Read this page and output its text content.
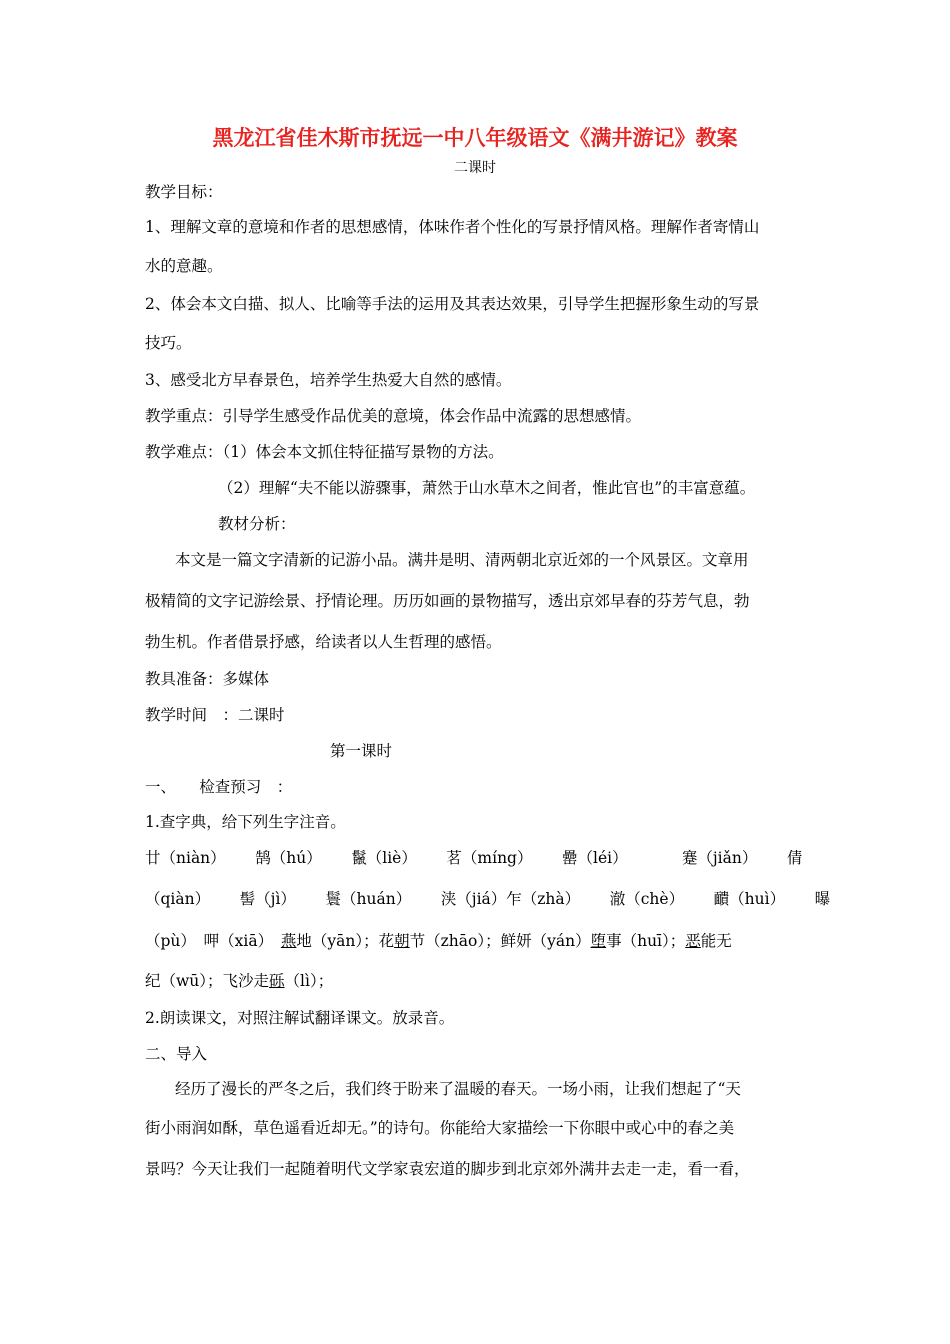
黑龙江省佳木斯市抚远一中八年级语文《满井游记》教案
二课时
教学目标：
1、理解文章的意境和作者的思想感情，体味作者个性化的写景抒情风格。理解作者寄情山
水的意趣。
2、体会本文白描、拟人、比喻等手法的运用及其表达效果，引导学生把握形象生动的写景
技巧。
3、感受北方早春景色，培养学生热爱大自然的感情。
教学重点：引导学生感受作品优美的意境，体会作品中流露的思想感情。
教学难点：（1）体会本文抓住特征描写景物的方法。
（2）理解“夫不能以游骤事，萧然于山水草木之间者，惟此官也”的丰富意蕴。
教材分析：
本文是一篇文字清新的记游小品。满井是明、清两朝北京近郊的一个风景区。文章用
极精简的文字记游绘景、抒情论理。历历如画的景物描写，透出京郊早春的芬芳气息，勃
勃生机。作者借景抒感，给读者以人生哲理的感悟。
教具准备：多媒体
教学时间　：二课时
第一课时
一、　　检查预习　：
1.查字典，给下列生字注音。
廿（niàn） 鹄（hú） 鬣（liè） 茗（míng） 罍（léi）	蹇（jiǎn） 倩
（qiàn） 髻（jì） 鬟（huán） 浃（jiá）乍（zhà） 澈（chè） 靧（huì） 曝
（pù）　呷（xiā）　燕地（yān）；花朝节（zhāo）；鲜妍（yán）堕事（huī）；恶能无
纪（wū）；飞沙走砾（lì）；
2.朗读课文，对照注解试翻译课文。放录音。
二、导入
经历了漫长的严冬之后，我们终于盼来了温暖的春天。一场小雨，让我们想起了“天
街小雨润如酥，草色遥看近却无。”的诗句。你能给大家描绘一下你眼中或心中的春之美
景吗？今天让我们一起随着明代文学家袁宏道的脚步到北京郊外满井去走一走，看一看，
